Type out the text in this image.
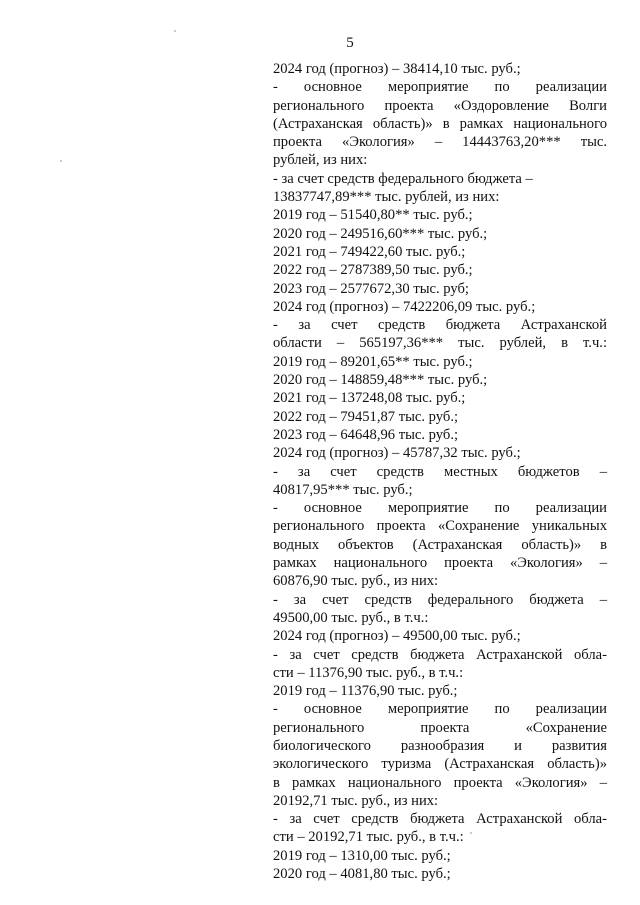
5
2024 год (прогноз) – 38414,10 тыс. руб.;
- основное мероприятие по реализации
регионального проекта «Оздоровление Волги
(Астраханская область)» в рамках национального
проекта «Экология» – 14443763,20*** тыс.
рублей, из них:
- за счет средств федерального бюджета –
13837747,89*** тыс. рублей, из них:
2019 год – 51540,80** тыс. руб.;
2020 год – 249516,60*** тыс. руб.;
2021 год – 749422,60 тыс. руб.;
2022 год – 2787389,50 тыс. руб.;
2023 год – 2577672,30 тыс. руб;
2024 год (прогноз) – 7422206,09 тыс. руб.;
- за счет средств бюджета Астраханской
области – 565197,36*** тыс. рублей, в т.ч.:
2019 год – 89201,65** тыс. руб.;
2020 год – 148859,48*** тыс. руб.;
2021 год – 137248,08 тыс. руб.;
2022 год – 79451,87 тыс. руб.;
2023 год – 64648,96 тыс. руб.;
2024 год (прогноз) – 45787,32 тыс. руб.;
- за счет средств местных бюджетов –
40817,95*** тыс. руб.;
- основное мероприятие по реализации
регионального проекта «Сохранение уникальных
водных объектов (Астраханская область)» в
рамках национального проекта «Экология» –
60876,90 тыс. руб., из них:
- за счет средств федерального бюджета –
49500,00 тыс. руб., в т.ч.:
2024 год (прогноз) – 49500,00 тыс. руб.;
- за счет средств бюджета Астраханской обла-
сти – 11376,90 тыс. руб., в т.ч.:
2019 год – 11376,90 тыс. руб.;
- основное мероприятие по реализации
регионального проекта «Сохранение
биологического разнообразия и развития
экологического туризма (Астраханская область)»
в рамках национального проекта «Экология» –
20192,71 тыс. руб., из них:
- за счет средств бюджета Астраханской обла-
сти – 20192,71 тыс. руб., в т.ч.:
2019 год – 1310,00 тыс. руб.;
2020 год – 4081,80 тыс. руб.;
